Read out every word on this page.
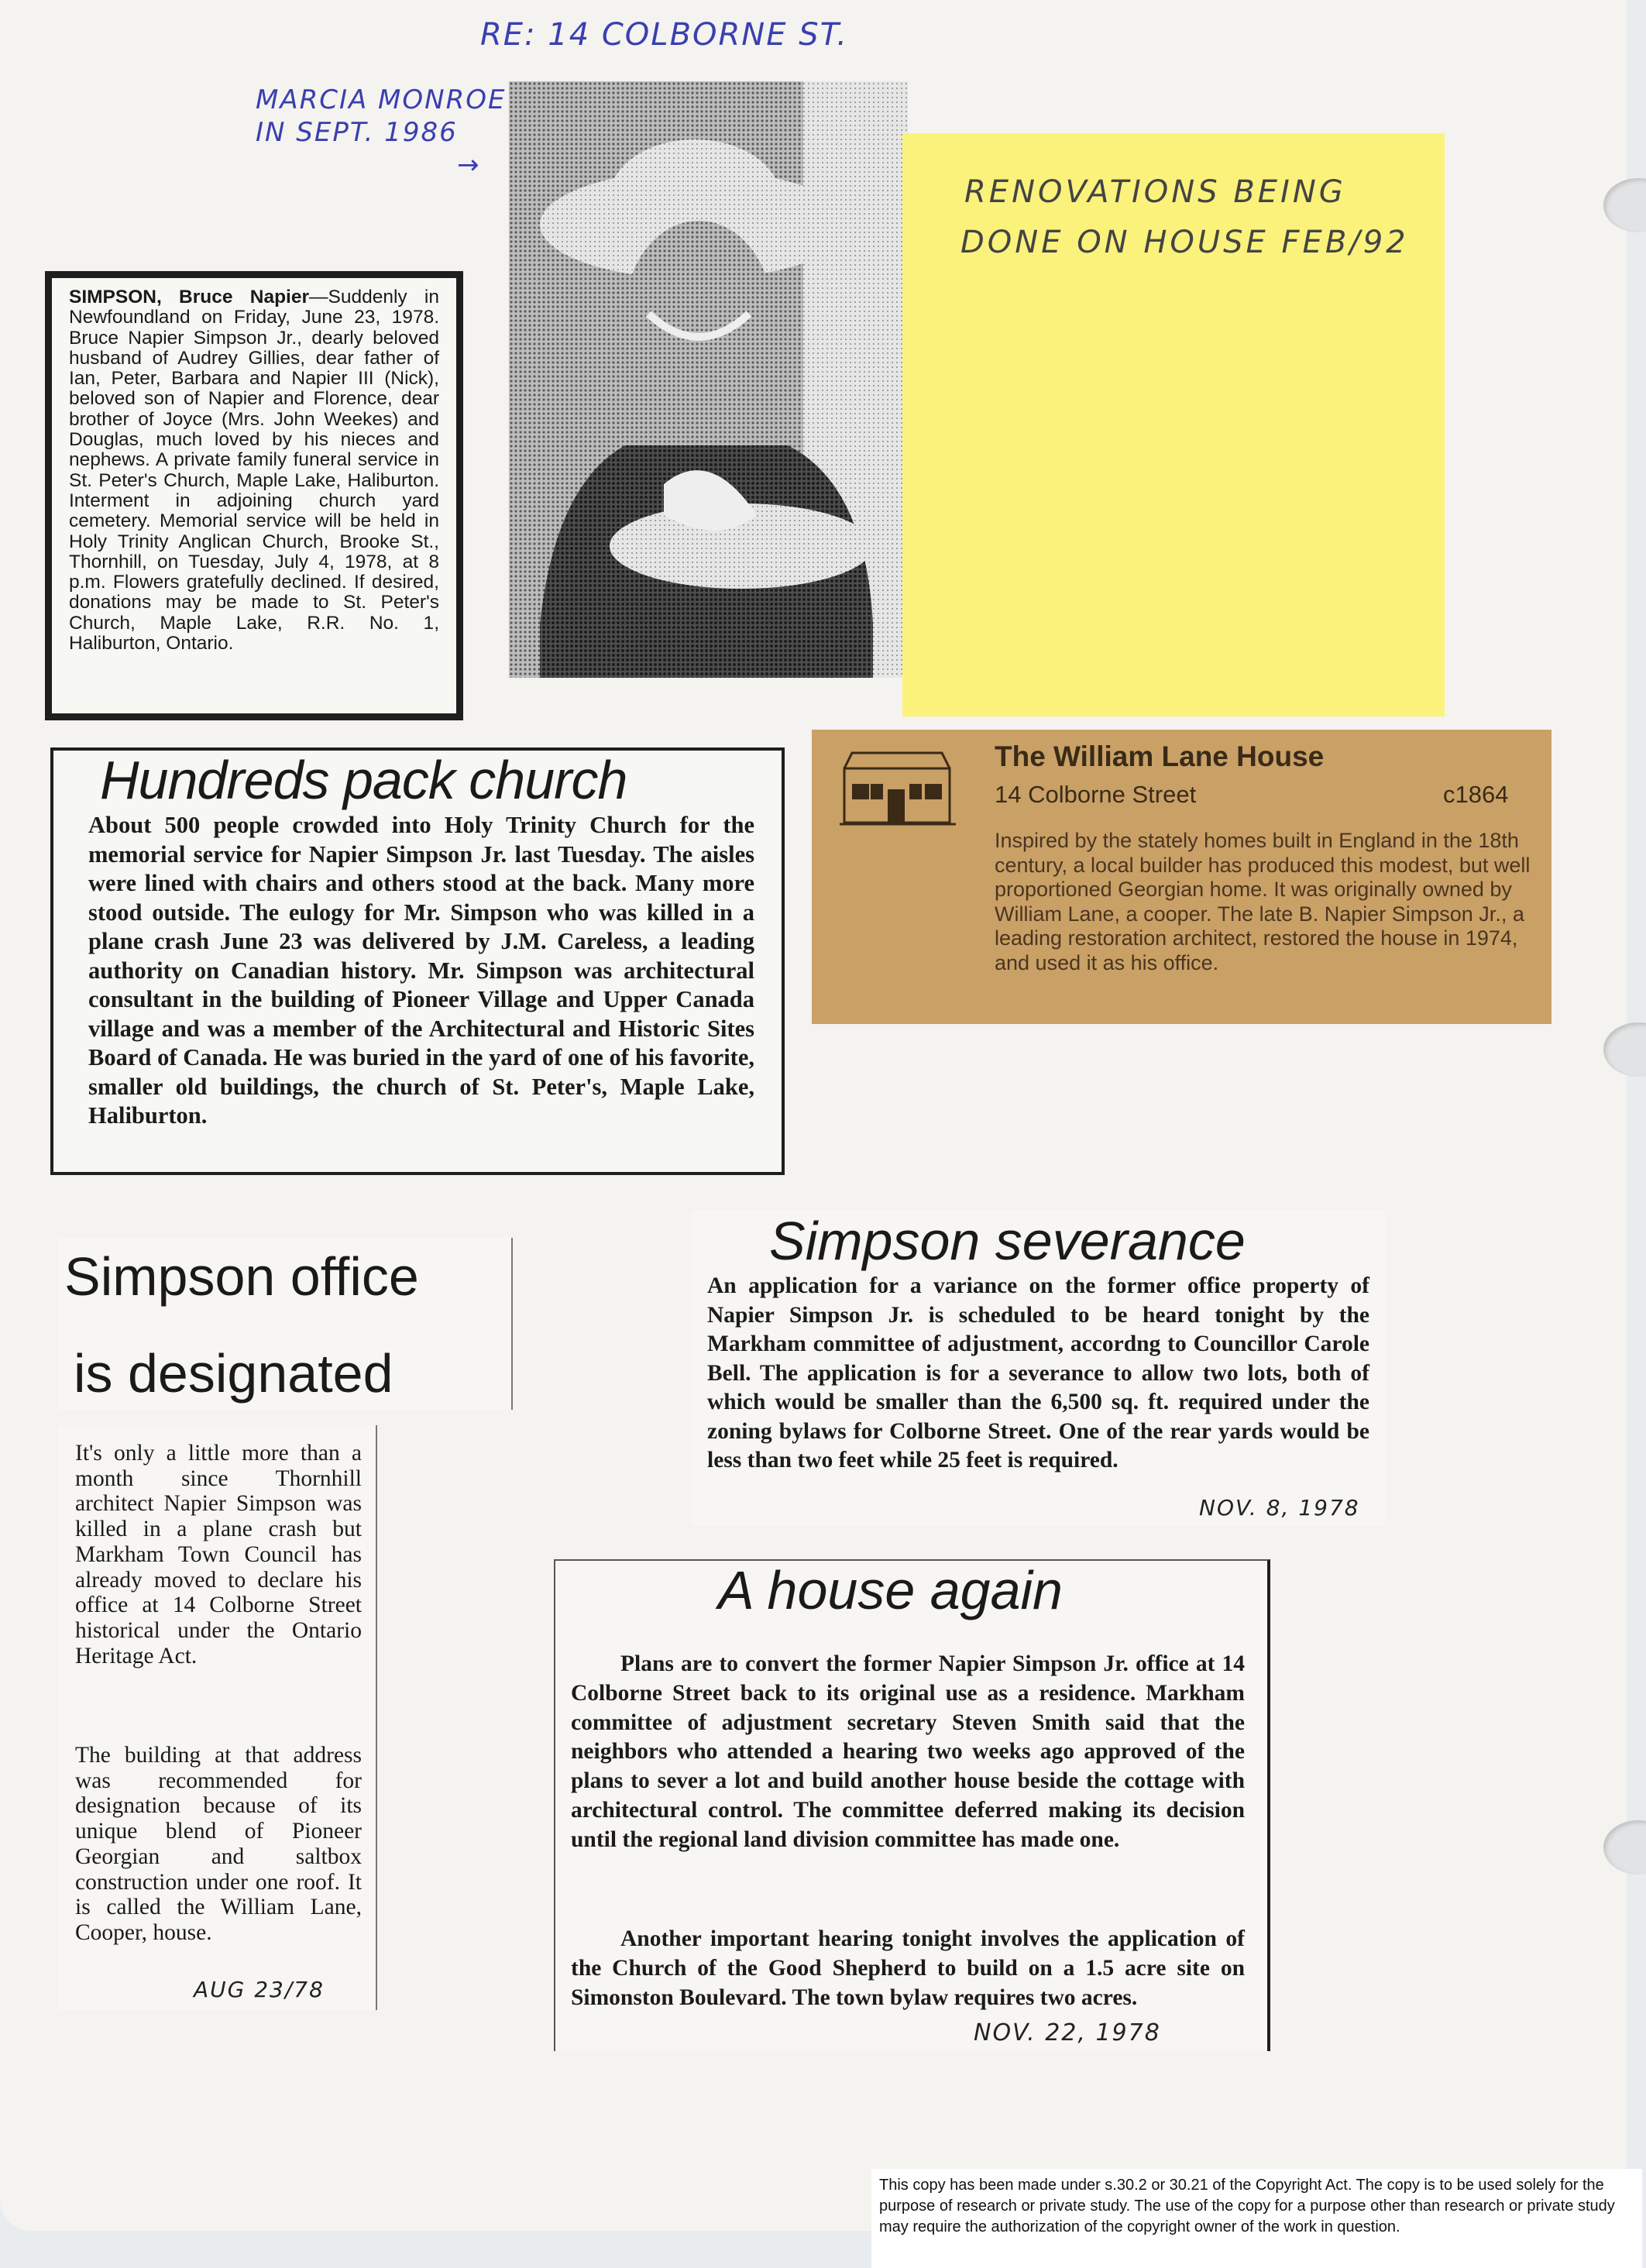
RE: 14 COLBORNE ST.
MARCIA MONROE
IN SEPT. 1986
→
RENOVATIONS BEING
DONE ON HOUSE FEB/92
SIMPSON, Bruce Napier—Suddenly in Newfoundland on Friday, June 23, 1978. Bruce Napier Simpson Jr., dearly beloved husband of Audrey Gillies, dear father of Ian, Peter, Barbara and Napier III (Nick), beloved son of Napier and Florence, dear brother of Joyce (Mrs. John Weekes) and Douglas, much loved by his nieces and nephews. A private family funeral service in St. Peter's Church, Maple Lake, Haliburton. Interment in adjoining church yard cemetery. Memorial service will be held in Holy Trinity Anglican Church, Brooke St., Thornhill, on Tuesday, July 4, 1978, at 8 p.m. Flowers gratefully declined. If desired, donations may be made to St. Peter's Church, Maple Lake, R.R. No. 1, Haliburton, Ontario.
Hundreds pack church
About 500 people crowded into Holy Trinity Church for the memorial service for Napier Simpson Jr. last Tuesday. The aisles were lined with chairs and others stood at the back. Many more stood outside. The eulogy for Mr. Simpson who was killed in a plane crash June 23 was delivered by J.M. Careless, a leading authority on Canadian history. Mr. Simpson was architectural consultant in the building of Pioneer Village and Upper Canada village and was a member of the Architectural and Historic Sites Board of Canada. He was buried in the yard of one of his favorite, smaller old buildings, the church of St. Peter's, Maple Lake, Haliburton.
The William Lane House
14 Colborne Street	c1864
Inspired by the stately homes built in England in the 18th century, a local builder has produced this modest, but well proportioned Georgian home. It was originally owned by William Lane, a cooper. The late B. Napier Simpson Jr., a leading restoration architect, restored the house in 1974, and used it as his office.
Simpson office
is designated
It's only a little more than a month since Thornhill architect Napier Simpson was killed in a plane crash but Markham Town Council has already moved to declare his office at 14 Colborne Street historical under the Ontario Heritage Act.
The building at that address was recommended for designation because of its unique blend of Pioneer Georgian and saltbox construction under one roof. It is called the William Lane, Cooper, house.
AUG 23/78
Simpson severance
An application for a variance on the former office property of Napier Simpson Jr. is scheduled to be heard tonight by the Markham committee of adjustment, accordng to Councillor Carole Bell. The application is for a severance to allow two lots, both of which would be smaller than the 6,500 sq. ft. required under the zoning bylaws for Colborne Street. One of the rear yards would be less than two feet while 25 feet is required.
NOV. 8, 1978
A house again
Plans are to convert the former Napier Simpson Jr. office at 14 Colborne Street back to its original use as a residence. Markham committee of adjustment secretary Steven Smith said that the neighbors who attended a hearing two weeks ago approved of the plans to sever a lot and build another house beside the cottage with architectural control. The committee deferred making its decision until the regional land division committee has made one.
Another important hearing tonight involves the application of the Church of the Good Shepherd to build on a 1.5 acre site on Simonston Boulevard. The town bylaw requires two acres.
NOV. 22, 1978
This copy has been made under s.30.2 or 30.21 of the Copyright Act. The copy is to be used solely for the purpose of research or private study. The use of the copy for a purpose other than research or private study may require the authorization of the copyright owner of the work in question.
